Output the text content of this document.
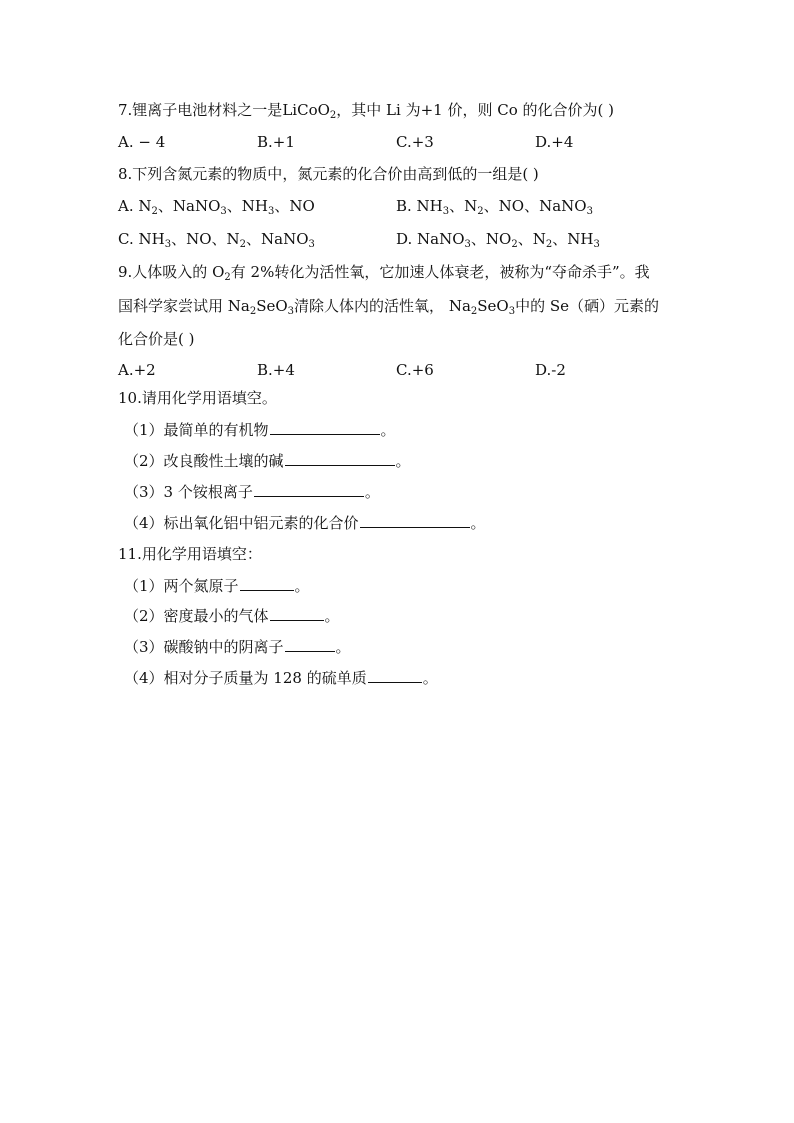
7.锂离子电池材料之一是LiCoO$_2$，其中 Li 为+1 价，则 Co 的化合价为( )
A. − 4	B.+1	C.+3	D.+4
8.下列含氮元素的物质中，氮元素的化合价由高到低的一组是( )
A. $N_2$、NaNO$_3$、$NH_3$、NO	B. $NH_3$、$N_2$、NO、NaNO$_3$
C. $NH_3$、NO、$N_2$、NaNO$_3$	D. NaNO$_3$、$NO_2$、$N_2$、$NH_3$
9.人体吸入的 $O_2$有 2%转化为活性氧，它加速人体衰老，被称为“夺命杀手”。我
国科学家尝试用 $Na_2SeO_3$清除人体内的活性氧， $Na_2SeO_3$中的 Se（硒）元素的
化合价是( )
A.+2	B.+4	C.+6	D.-2
10.请用化学用语填空。
（1）最简单的有机物	。
（2）改良酸性土壤的碱	。
（3）3 个铵根离子	。
（4）标出氧化铝中铝元素的化合价	。
11.用化学用语填空：
（1）两个氮原子	。
（2）密度最小的气体	。
（3）碳酸钠中的阴离子	。
（4）相对分子质量为 128 的硫单质	。
